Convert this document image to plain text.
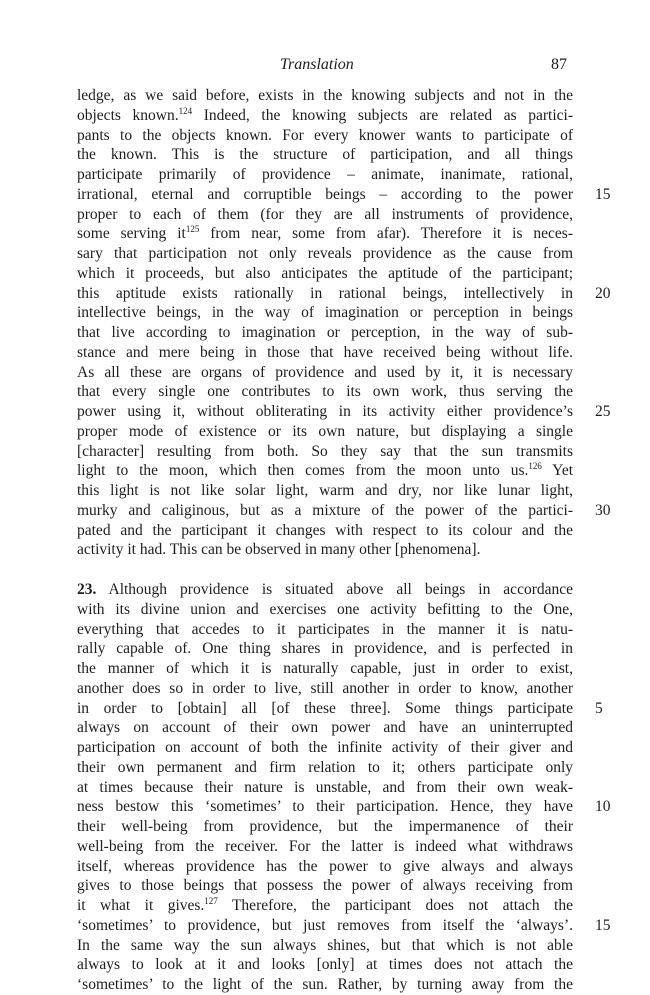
Translation	87
ledge, as we said before, exists in the knowing subjects and not in the
objects known.$^{124}$ Indeed, the knowing subjects are related as partici-
pants to the objects known. For every knower wants to participate of
the known. This is the structure of participation, and all things
participate primarily of providence – animate, inanimate, rational,
irrational, eternal and corruptible beings – according to the power 15
proper to each of them (for they are all instruments of providence,
some serving $it^{125}$ from near, some from afar). Therefore it is neces-
sary that participation not only reveals providence as the cause from
which it proceeds, but also anticipates the aptitude of the participant;
this aptitude exists rationally in rational beings, intellectively in 20
intellective beings, in the way of imagination or perception in beings
that live according to imagination or perception, in the way of sub-
stance and mere being in those that have received being without life.
As all these are organs of providence and used by it, it is necessary
that every single one contributes to its own work, thus serving the
power using it, without obliterating in its activity either providence’s 25
proper mode of existence or its own nature, but displaying a single
[character] resulting from both. So they say that the sun transmits
light to the moon, which then comes from the moon unto us.$^{126}$ Yet
this light is not like solar light, warm and dry, nor like lunar light,
murky and caliginous, but as a mixture of the power of the partici- 30
pated and the participant it changes with respect to its colour and the
activity it had. This can be observed in many other [phenomena].
23. Although providence is situated above all beings in accordance
with its divine union and exercises one activity befitting to the One,
everything that accedes to it participates in the manner it is natu-
rally capable of. One thing shares in providence, and is perfected in
the manner of which it is naturally capable, just in order to exist,
another does so in order to live, still another in order to know, another
in order to [obtain] all [of these three]. Some things participate 5
always on account of their own power and have an uninterrupted
participation on account of both the infinite activity of their giver and
their own permanent and firm relation to it; others participate only
at times because their nature is unstable, and from their own weak-
ness bestow this ‘sometimes’ to their participation. Hence, they have 10
their well-being from providence, but the impermanence of their
well-being from the receiver. For the latter is indeed what withdraws
itself, whereas providence has the power to give always and always
gives to those beings that possess the power of always receiving from
it what it gives.$^{127}$ Therefore, the participant does not attach the
‘sometimes’ to providence, but just removes from itself the ‘always’. 15
In the same way the sun always shines, but that which is not able
always to look at it and looks [only] at times does not attach the
‘sometimes’ to the light of the sun. Rather, by turning away from the
